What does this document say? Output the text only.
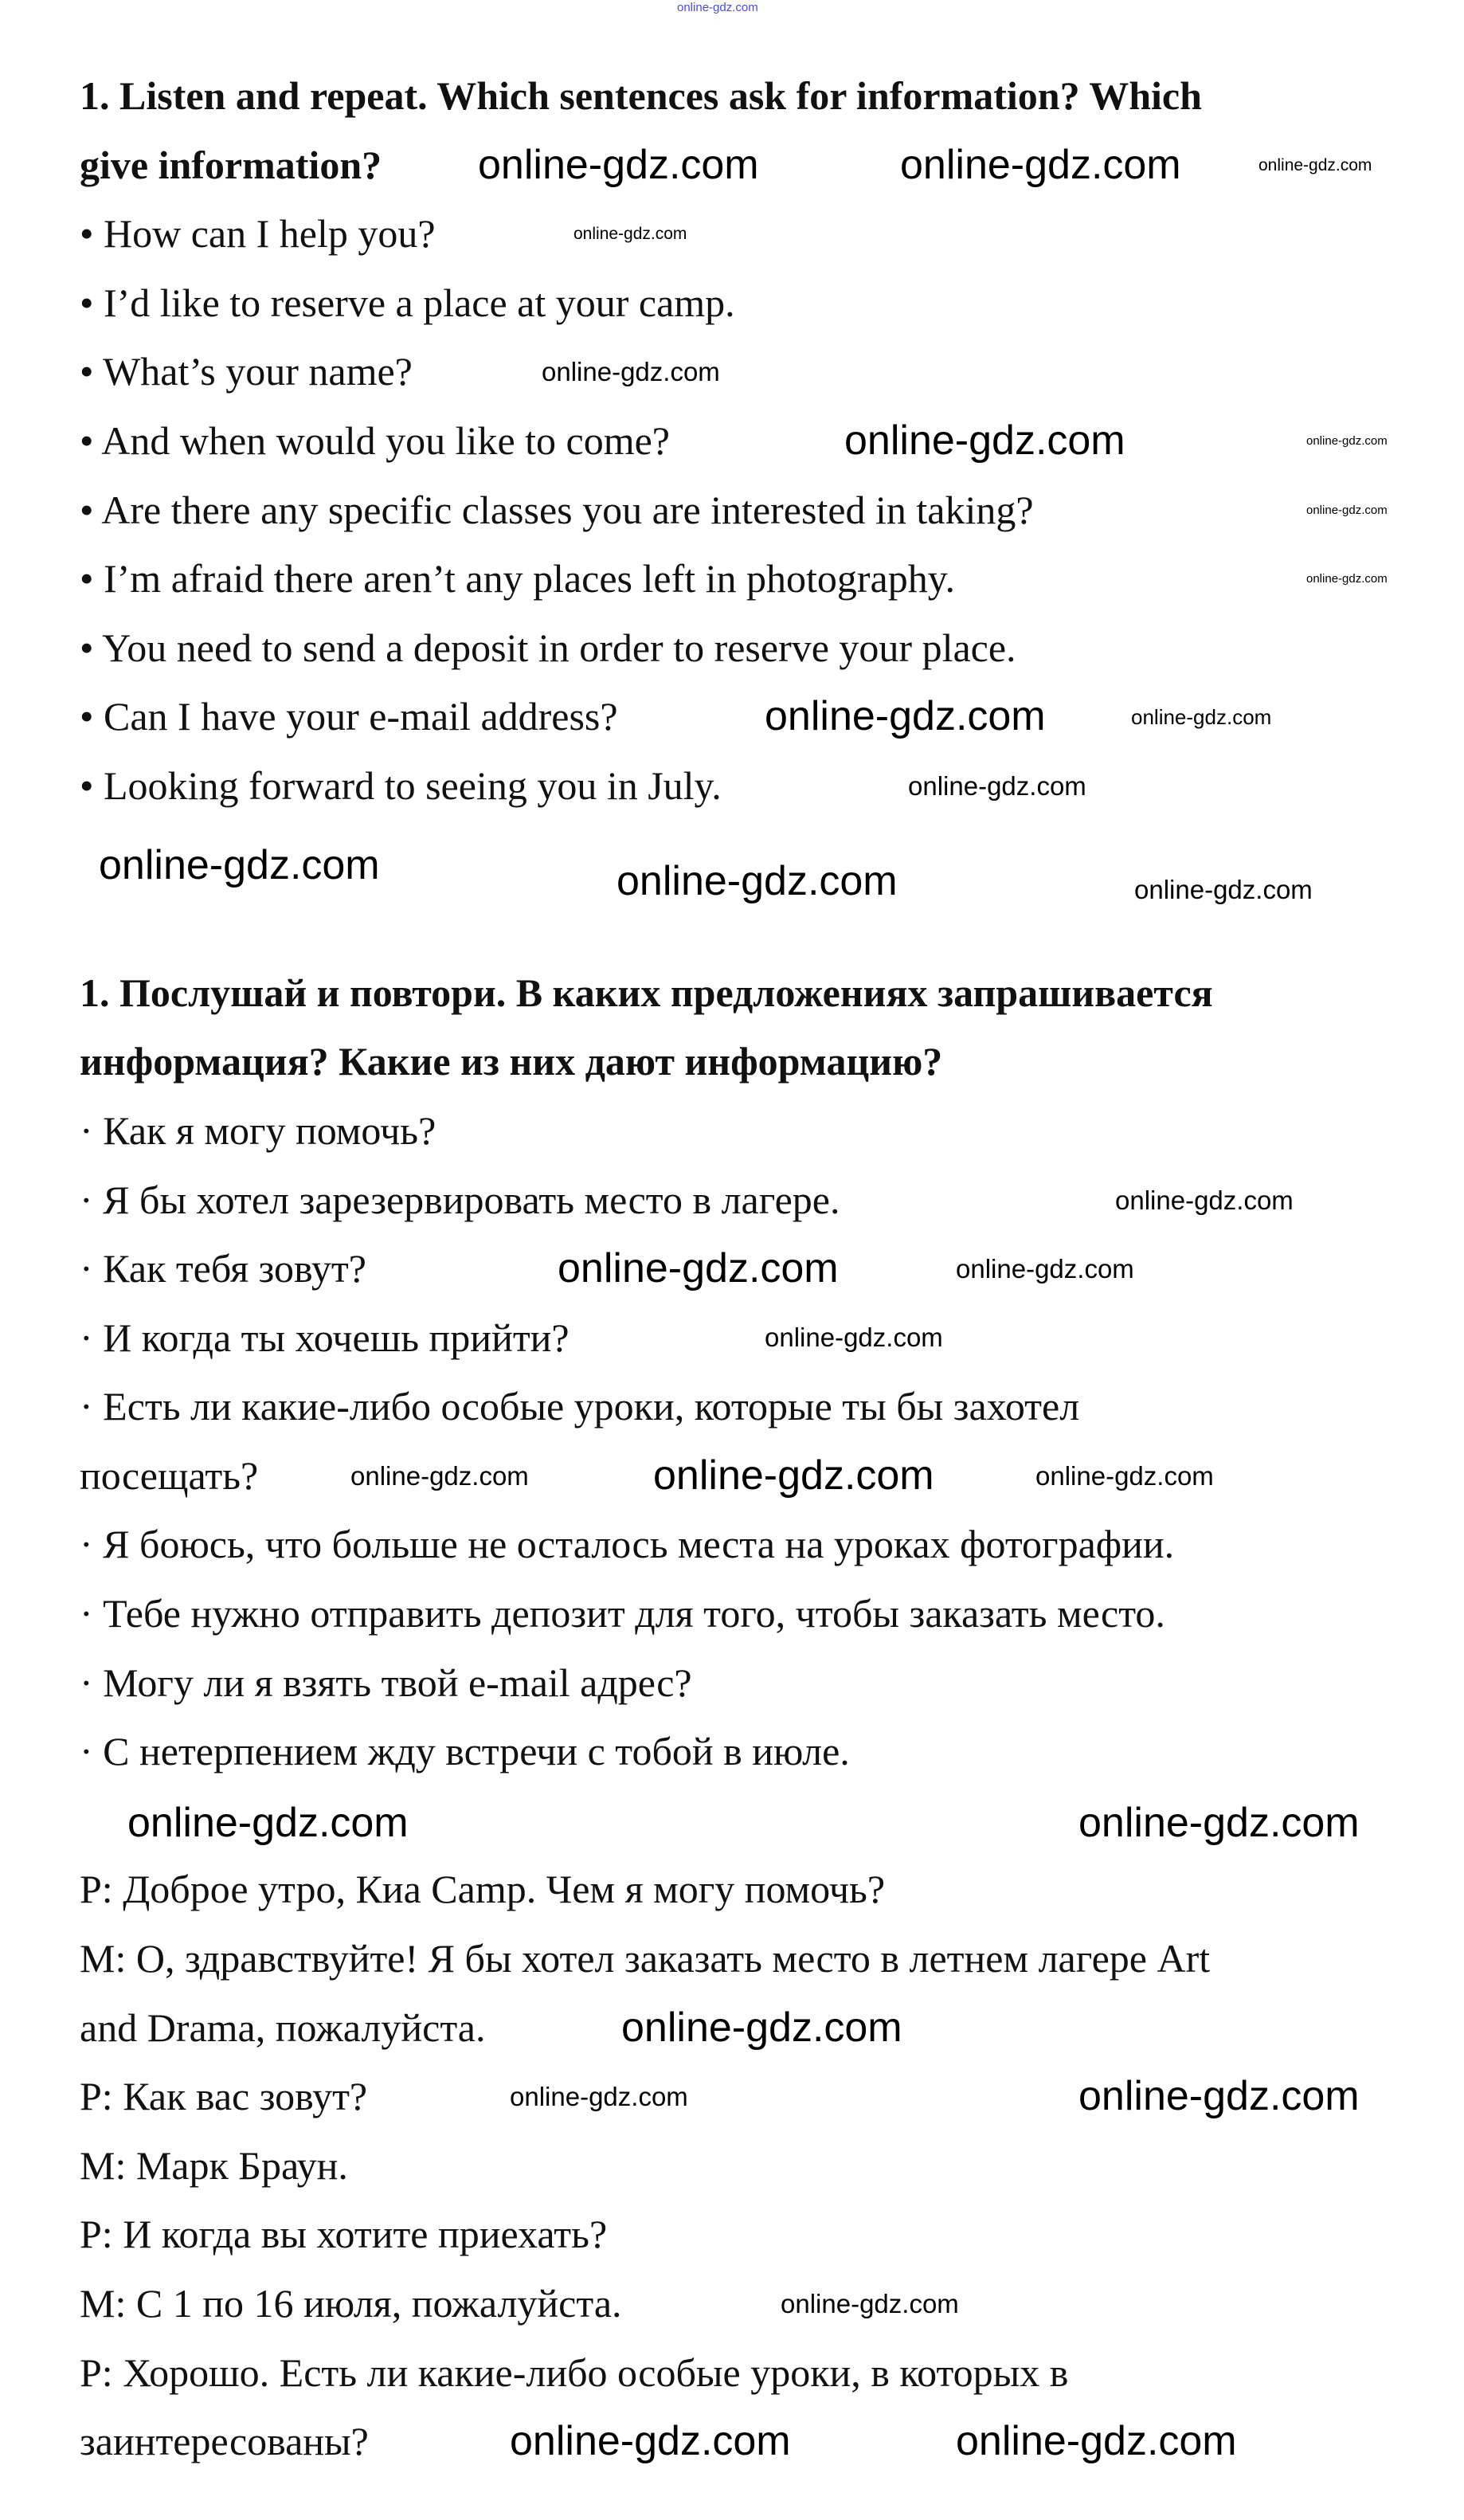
1. Listen and repeat. Which sentences ask for information? Which
give information?
• How can I help you?
• I’d like to reserve a place at your camp.
• What’s your name?
• And when would you like to come?
• Are there any specific classes you are interested in taking?
• I’m afraid there aren’t any places left in photography.
• You need to send a deposit in order to reserve your place.
• Can I have your e-mail address?
• Looking forward to seeing you in July.
1. Послушай и повтори. В каких предложениях запрашивается
информация? Какие из них дают информацию?
· Как я могу помочь?
· Я бы хотел зарезервировать место в лагере.
· Как тебя зовут?
· И когда ты хочешь прийти?
· Есть ли какие-либо особые уроки, которые ты бы захотел
посещать?
· Я боюсь, что больше не осталось места на уроках фотографии.
· Тебе нужно отправить депозит для того, чтобы заказать место.
· Могу ли я взять твой e-mail адрес?
· С нетерпением жду встречи с тобой в июле.
P: Доброе утро, Киа Camp. Чем я могу помочь?
M: О, здравствуйте! Я бы хотел заказать место в летнем лагере Art
and Drama, пожалуйста.
P: Как вас зовут?
M: Марк Браун.
P: И когда вы хотите приехать?
M: С 1 по 16 июля, пожалуйста.
P: Хорошо. Есть ли какие-либо особые уроки, в которых в
заинтересованы?
online-gdz.com
online-gdz.com	online-gdz.com	online-gdz.com
online-gdz.com
online-gdz.com
online-gdz.com	online-gdz.com
online-gdz.com
online-gdz.com
online-gdz.com	online-gdz.com
online-gdz.com
online-gdz.com	online-gdz.com	online-gdz.com
online-gdz.com
online-gdz.com	online-gdz.com
online-gdz.com
online-gdz.com	online-gdz.com	online-gdz.com
online-gdz.com	online-gdz.com
online-gdz.com
online-gdz.com	online-gdz.com
online-gdz.com
online-gdz.com	online-gdz.com
